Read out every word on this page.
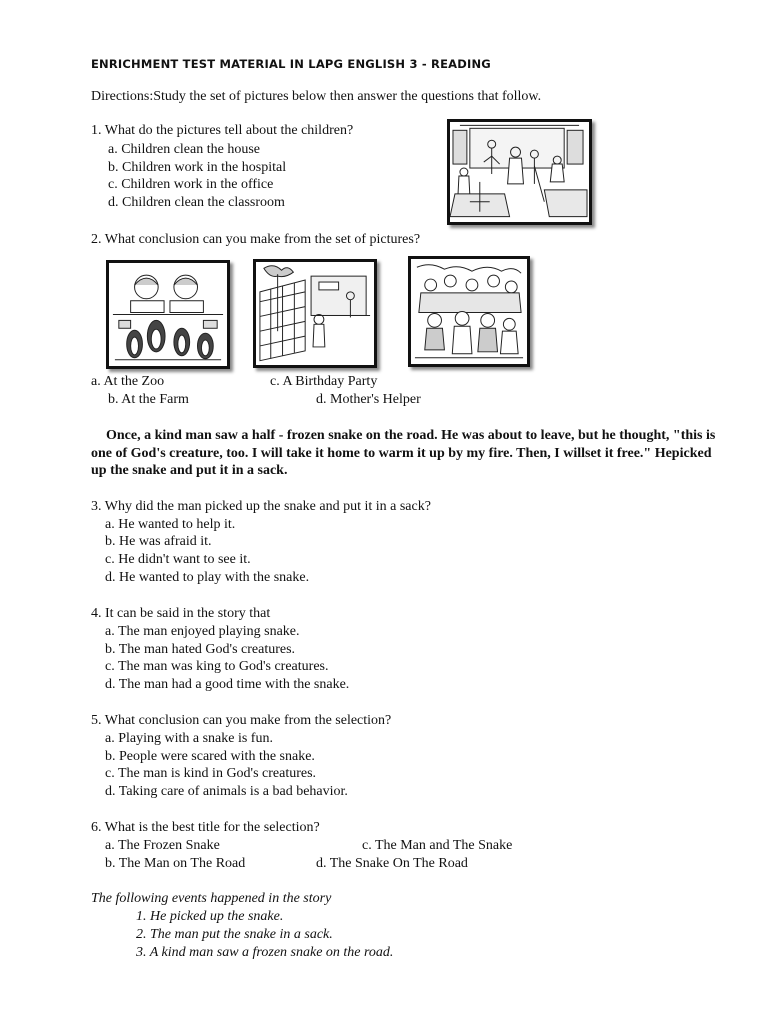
ENRICHMENT TEST MATERIAL IN LAPG ENGLISH 3 - READING
Directions:Study the set of pictures below then answer the questions that follow.
1. What do the pictures tell about the children?
a. Children clean the house
b. Children work in the hospital
c. Children work in the office
d. Children clean the classroom
2. What conclusion can you make from the set of pictures?
a. At the Zoo	c. A Birthday Party
b. At the Farm	d. Mother's Helper
Once, a kind man saw a half - frozen snake on the road. He was about to leave, but he thought, "this is one of God's creature, too. I will take it home to warm it up by my fire. Then, I willset it free." Hepicked up the snake and put it in a sack.
3. Why did the man picked up the snake and put it in a sack?
a. He wanted to help it.
b. He was afraid it.
c. He didn't want to see it.
d. He wanted to play with the snake.
4. It can be said in the story that
a. The man enjoyed playing snake.
b. The man hated God's creatures.
c. The man was king to God's creatures.
d. The man had a good time with the snake.
5. What conclusion can you make from the selection?
a. Playing with a snake is fun.
b. People were scared with the snake.
c. The man is kind in God's creatures.
d. Taking care of animals is a bad behavior.
6. What is the best title for the selection?
a. The Frozen Snake	c. The Man and The Snake
b. The Man on The Road	d. The Snake On The Road
The following events happened in the story
1. He picked up the snake.
2. The man put the snake in a sack.
3. A kind man saw a frozen snake on the road.
